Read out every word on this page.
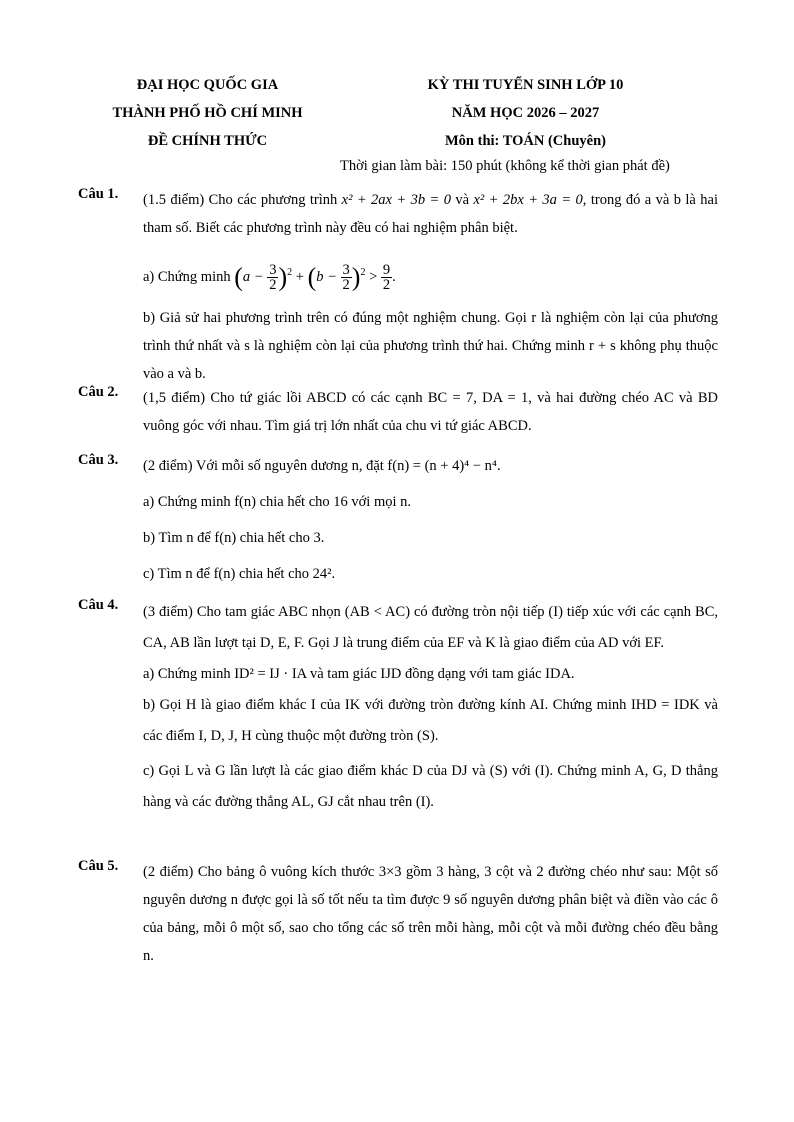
ĐẠI HỌC QUỐC GIA
THÀNH PHỐ HỒ CHÍ MINH
ĐỀ CHÍNH THỨC
KỲ THI TUYỂN SINH LỚP 10
NĂM HỌC 2026 – 2027
Môn thi: TOÁN (Chuyên)
Thời gian làm bài: 150 phút (không kể thời gian phát đề)
Câu 1. (1.5 điểm) Cho các phương trình x² + 2ax + 3b = 0 và x² + 2bx + 3a = 0, trong đó a và b là hai tham số. Biết các phương trình này đều có hai nghiệm phân biệt.
a) Chứng minh $(a - \frac{3}{2} )^2 + (b - \frac{3}{2} )^2 > \frac{9}{2}$ .
b) Giả sử hai phương trình trên có đúng một nghiệm chung. Gọi r là nghiệm còn lại của phương trình thứ nhất và s là nghiệm còn lại của phương trình thứ hai. Chứng minh r + s không phụ thuộc vào a và b.
Câu 2. (1,5 điểm) Cho tứ giác lồi ABCD có các cạnh BC = 7, DA = 1, và hai đường chéo AC và BD vuông góc với nhau. Tìm giá trị lớn nhất của chu vi tứ giác ABCD.
Câu 3. (2 điểm) Với mỗi số nguyên dương n, đặt f(n) = (n + 4)⁴ − n⁴.
a) Chứng minh f(n) chia hết cho 16 với mọi n.
b) Tìm n để f(n) chia hết cho 3.
c) Tìm n để f(n) chia hết cho 24².
Câu 4. (3 điểm) Cho tam giác ABC nhọn (AB < AC) có đường tròn nội tiếp (I) tiếp xúc với các cạnh BC, CA, AB lần lượt tại D, E, F. Gọi J là trung điểm của EF và K là giao điểm của AD với EF.
a) Chứng minh ID² = IJ · IA và tam giác IJD đồng dạng với tam giác IDA.
b) Gọi H là giao điểm khác I của IK với đường tròn đường kính AI. Chứng minh IHD = IDK và các điểm I, D, J, H cùng thuộc một đường tròn (S).
c) Gọi L và G lần lượt là các giao điểm khác D của DJ và (S) với (I). Chứng minh A, G, D thẳng hàng và các đường thẳng AL, GJ cắt nhau trên (I).
Câu 5. (2 điểm) Cho bảng ô vuông kích thước 3×3 gồm 3 hàng, 3 cột và 2 đường chéo như sau: Một số nguyên dương n được gọi là số tốt nếu ta tìm được 9 số nguyên dương phân biệt và điền vào các ô của bảng, mỗi ô một số, sao cho tổng các số trên mỗi hàng, mỗi cột và mỗi đường chéo đều bằng n.
